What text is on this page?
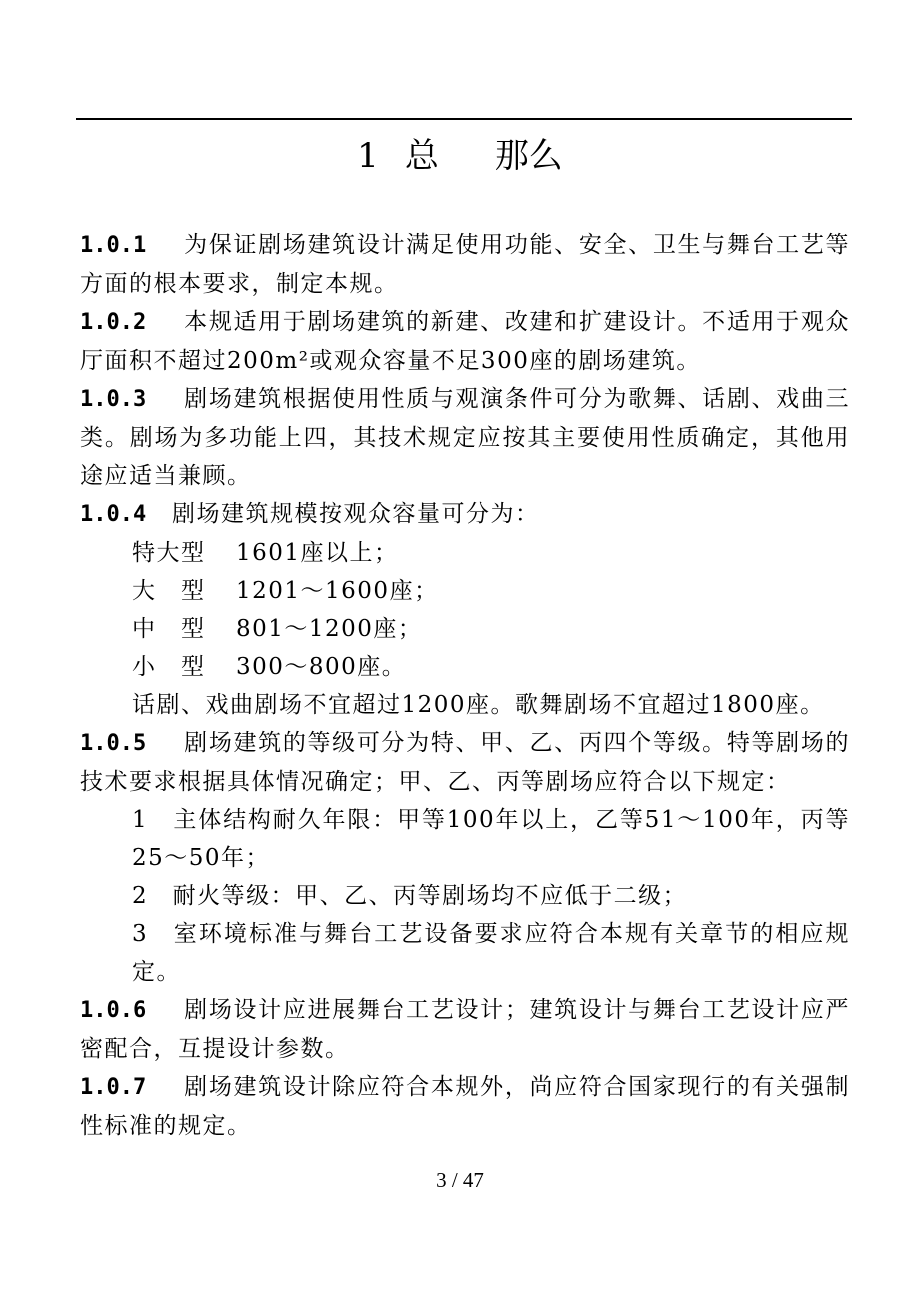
1 总 那么

1.0.1 为保证剧场建筑设计满足使用功能、安全、卫生与舞台工艺等方面的根本要求，制定本规。

1.0.2 本规适用于剧场建筑的新建、改建和扩建设计。不适用于观众厅面积不超过200m²或观众容量不足300座的剧场建筑。

1.0.3 剧场建筑根据使用性质与观演条件可分为歌舞、话剧、戏曲三类。剧场为多功能上四，其技术规定应按其主要使用性质确定，其他用途应适当兼顾。

1.0.4 剧场建筑规模按观众容量可分为：

特大型	1601座以上；
大型 1201～1600座；
中型 801～1200座；
小型 300～800座。

话剧、戏曲剧场不宜超过1200座。歌舞剧场不宜超过1800座。

1.0.5 剧场建筑的等级可分为特、甲、乙、丙四个等级。特等剧场的技术要求根据具体情况确定；甲、乙、丙等剧场应符合以下规定：

1　主体结构耐久年限：甲等100年以上，乙等51～100年，丙等25～50年；

2　耐火等级：甲、乙、丙等剧场均不应低于二级；

3　室环境标准与舞台工艺设备要求应符合本规有关章节的相应规定。

1.0.6 剧场设计应进展舞台工艺设计；建筑设计与舞台工艺设计应严密配合，互提设计参数。

1.0.7 剧场建筑设计除应符合本规外，尚应符合国家现行的有关强制性标准的规定。

3 / 47
